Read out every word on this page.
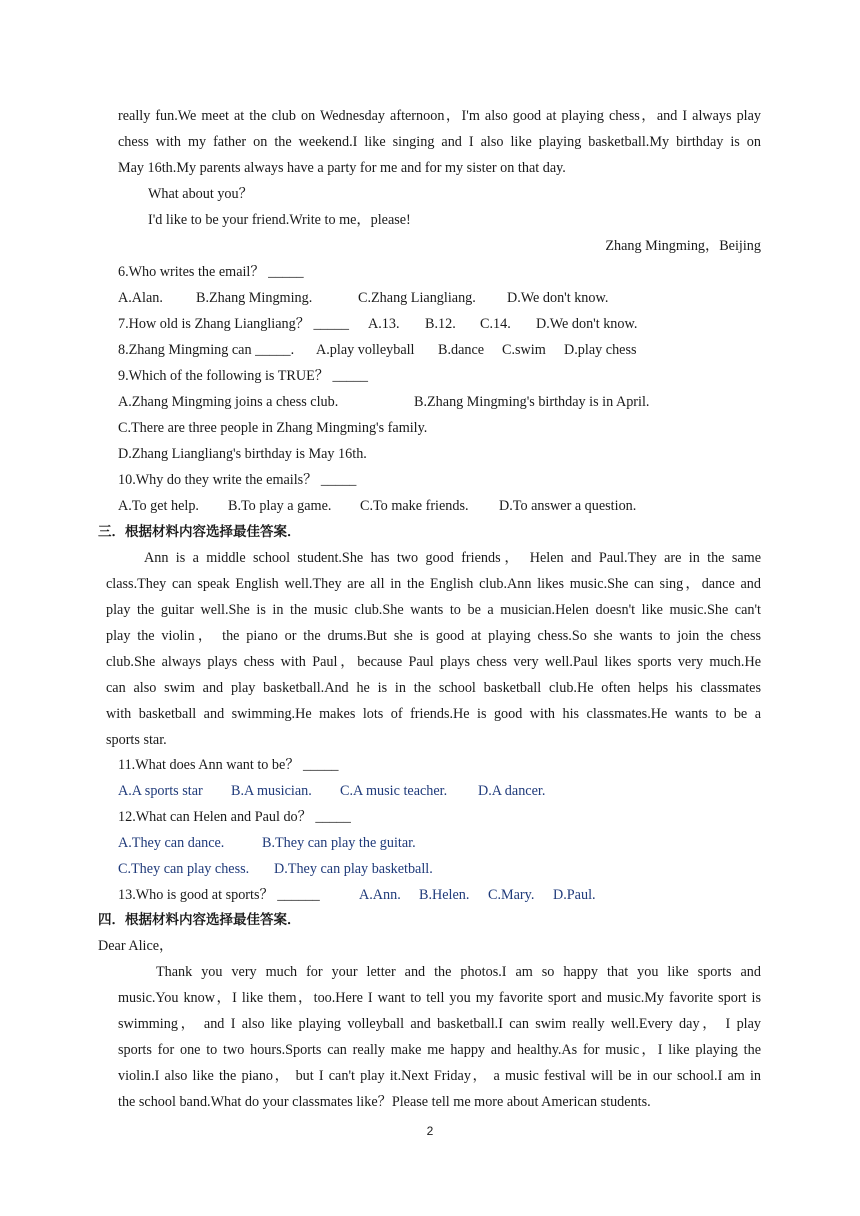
really fun.We meet at the club on Wednesday afternoon，I'm also good at playing chess，and I always play
chess with my father on the weekend.I like singing and I also like playing basketball.My birthday is on
May 16th.My parents always have a party for me and for my sister on that day.
What about you？
I'd like to be your friend.Write to me，please!
Zhang Mingming，Beijing
6.Who writes the email？ _____
A.Alan. B.Zhang Mingming.	C.Zhang Liangliang. D.We don't know.
7.How old is Zhang Liangliang？ _____ A.13. B.12. C.14. D.We don't know.
8.Zhang Mingming can _____. A.play volleyball B.dance C.swim D.play chess
9.Which of the following is TRUE？ _____
A.Zhang Mingming joins a chess club.	B.Zhang Mingming's birthday is in April.
C.There are three people in Zhang Mingming's family.
D.Zhang Liangliang's birthday is May 16th.
10.Why do they write the emails？ _____
A.To get help. B.To play a game. C.To make friends. D.To answer a question.
三．根据材料内容选择最佳答案．
Ann is a middle school student.She has two good friends， Helen and Paul.They are in the same
class.They can speak English well.They are all in the English club.Ann likes music.She can sing，dance and
play the guitar well.She is in the music club.She wants to be a musician.Helen doesn't like music.She can't
play the violin， the piano or the drums.But she is good at playing chess.So she wants to join the chess
club.She always plays chess with Paul，because Paul plays chess very well.Paul likes sports very much.He
can also swim and play basketball.And he is in the school basketball club.He often helps his classmates
with basketball and swimming.He makes lots of friends.He is good with his classmates.He wants to be a
sports star.
11.What does Ann want to be？ _____
A.A sports star B.A musician. C.A music teacher. D.A dancer.
12.What can Helen and Paul do？ _____
A.They can dance.	B.They can play the guitar.
C.They can play chess. D.They can play basketball.
13.Who is good at sports？ ______	A.Ann. B.Helen. C.Mary. D.Paul.
四．根据材料内容选择最佳答案．
Dear Alice，
Thank you very much for your letter and the photos.I am so happy that you like sports and
music.You know，I like them，too.Here I want to tell you my favorite sport and music.My favorite sport is
swimming， and I also like playing volleyball and basketball.I can swim really well.Every day， I play
sports for one to two hours.Sports can really make me happy and healthy.As for music，I like playing the
violin.I also like the piano， but I can't play it.Next Friday， a music festival will be in our school.I am in
the school band.What do your classmates like？Please tell me more about American students.
2
